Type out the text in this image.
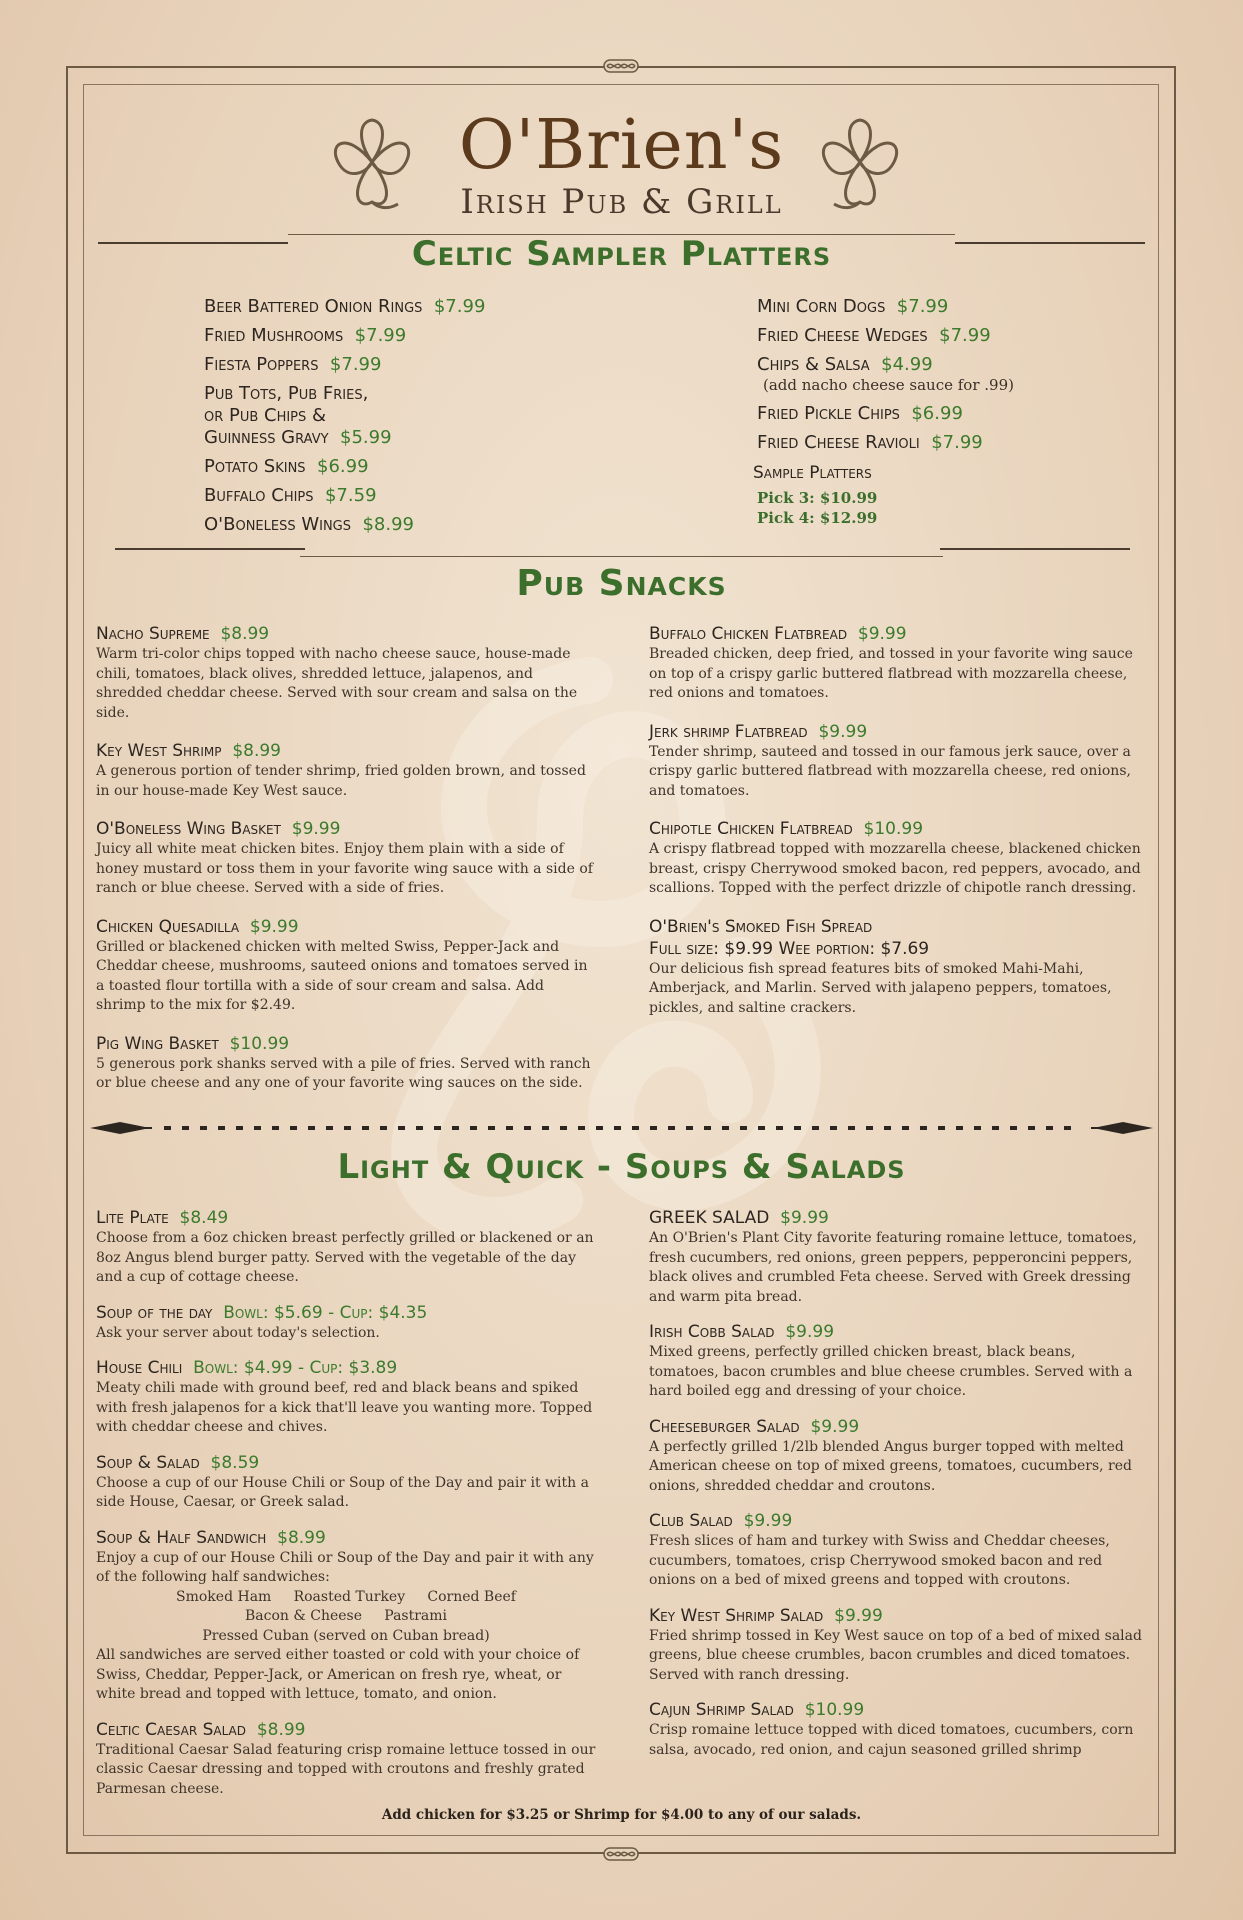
O'Brien's
Irish Pub & Grill
Celtic Sampler Platters
Beer Battered Onion Rings $7.99
Fried Mushrooms $7.99
Fiesta Poppers $7.99
Pub Tots, Pub Fries,
or Pub Chips &
Guinness Gravy $5.99
Potato Skins $6.99
Buffalo Chips $7.59
O'Boneless Wings $8.99
Mini Corn Dogs $7.99
Fried Cheese Wedges $7.99
Chips & Salsa $4.99
(add nacho cheese sauce for .99)
Fried Pickle Chips $6.99
Fried Cheese Ravioli $7.99
Sample Platters
Pick 3: $10.99
Pick 4: $12.99
Pub Snacks
Nacho Supreme $8.99
Warm tri-color chips topped with nacho cheese sauce, house-made chili, tomatoes, black olives, shredded lettuce, jalapenos, and shredded cheddar cheese. Served with sour cream and salsa on the side.
Key West Shrimp $8.99
A generous portion of tender shrimp, fried golden brown, and tossed in our house-made Key West sauce.
O'Boneless Wing Basket $9.99
Juicy all white meat chicken bites. Enjoy them plain with a side of honey mustard or toss them in your favorite wing sauce with a side of ranch or blue cheese. Served with a side of fries.
Chicken Quesadilla $9.99
Grilled or blackened chicken with melted Swiss, Pepper-Jack and Cheddar cheese, mushrooms, sauteed onions and tomatoes served in a toasted flour tortilla with a side of sour cream and salsa. Add shrimp to the mix for $2.49.
Pig Wing Basket $10.99
5 generous pork shanks served with a pile of fries. Served with ranch or blue cheese and any one of your favorite wing sauces on the side.
Buffalo Chicken Flatbread $9.99
Breaded chicken, deep fried, and tossed in your favorite wing sauce on top of a crispy garlic buttered flatbread with mozzarella cheese, red onions and tomatoes.
Jerk shrimp Flatbread $9.99
Tender shrimp, sauteed and tossed in our famous jerk sauce, over a crispy garlic buttered flatbread with mozzarella cheese, red onions, and tomatoes.
Chipotle Chicken Flatbread $10.99
A crispy flatbread topped with mozzarella cheese, blackened chicken breast, crispy Cherrywood smoked bacon, red peppers, avocado, and scallions. Topped with the perfect drizzle of chipotle ranch dressing.
O'Brien's Smoked Fish Spread
Full size: $9.99 Wee portion: $7.69
Our delicious fish spread features bits of smoked Mahi-Mahi, Amberjack, and Marlin. Served with jalapeno peppers, tomatoes, pickles, and saltine crackers.
Light & Quick - Soups & Salads
Lite Plate $8.49
Choose from a 6oz chicken breast perfectly grilled or blackened or an 8oz Angus blend burger patty. Served with the vegetable of the day and a cup of cottage cheese.
Soup of the day Bowl: $5.69 - Cup: $4.35
Ask your server about today's selection.
House Chili Bowl: $4.99 - Cup: $3.89
Meaty chili made with ground beef, red and black beans and spiked with fresh jalapenos for a kick that'll leave you wanting more. Topped with cheddar cheese and chives.
Soup & Salad $8.59
Choose a cup of our House Chili or Soup of the Day and pair it with a side House, Caesar, or Greek salad.
Soup & Half Sandwich $8.99
Enjoy a cup of our House Chili or Soup of the Day and pair it with any of the following half sandwiches:
Smoked Ham     Roasted Turkey     Corned Beef
Bacon & Cheese     Pastrami
Pressed Cuban (served on Cuban bread)
All sandwiches are served either toasted or cold with your choice of Swiss, Cheddar, Pepper-Jack, or American on fresh rye, wheat, or white bread and topped with lettuce, tomato, and onion.
Celtic Caesar Salad $8.99
Traditional Caesar Salad featuring crisp romaine lettuce tossed in our classic Caesar dressing and topped with croutons and freshly grated Parmesan cheese.
GREEK SALAD $9.99
An O'Brien's Plant City favorite featuring romaine lettuce, tomatoes, fresh cucumbers, red onions, green peppers, pepperoncini peppers, black olives and crumbled Feta cheese. Served with Greek dressing and warm pita bread.
Irish Cobb Salad $9.99
Mixed greens, perfectly grilled chicken breast, black beans, tomatoes, bacon crumbles and blue cheese crumbles. Served with a hard boiled egg and dressing of your choice.
Cheeseburger Salad $9.99
A perfectly grilled 1/2lb blended Angus burger topped with melted American cheese on top of mixed greens, tomatoes, cucumbers, red onions, shredded cheddar and croutons.
Club Salad $9.99
Fresh slices of ham and turkey with Swiss and Cheddar cheeses, cucumbers, tomatoes, crisp Cherrywood smoked bacon and red onions on a bed of mixed greens and topped with croutons.
Key West Shrimp Salad $9.99
Fried shrimp tossed in Key West sauce on top of a bed of mixed salad greens, blue cheese crumbles, bacon crumbles and diced tomatoes. Served with ranch dressing.
Cajun Shrimp Salad $10.99
Crisp romaine lettuce topped with diced tomatoes, cucumbers, corn salsa, avocado, red onion, and cajun seasoned grilled shrimp
Add chicken for $3.25 or Shrimp for $4.00 to any of our salads.
